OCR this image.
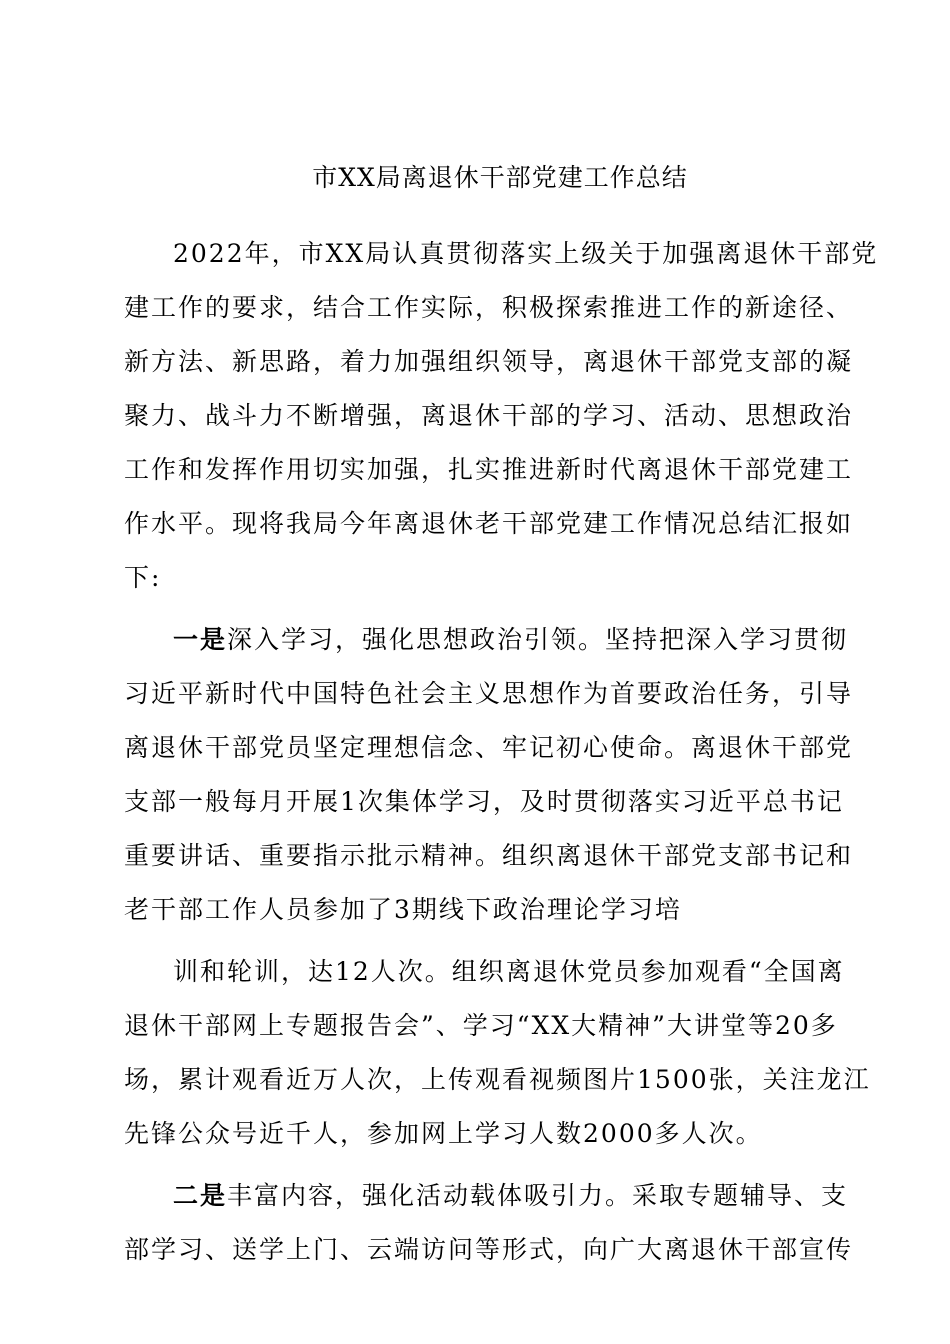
市XX局离退休干部党建工作总结
2022年，市XX局认真贯彻落实上级关于加强离退休干部党
建工作的要求，结合工作实际，积极探索推进工作的新途径、
新方法、新思路，着力加强组织领导，离退休干部党支部的凝
聚力、战斗力不断增强，离退休干部的学习、活动、思想政治
工作和发挥作用切实加强，扎实推进新时代离退休干部党建工
作水平。现将我局今年离退休老干部党建工作情况总结汇报如
下:
一是深入学习，强化思想政治引领。坚持把深入学习贯彻
习近平新时代中国特色社会主义思想作为首要政治任务，引导
离退休干部党员坚定理想信念、牢记初心使命。离退休干部党
支部一般每月开展1次集体学习，及时贯彻落实习近平总书记
重要讲话、重要指示批示精神。组织离退休干部党支部书记和
老干部工作人员参加了3期线下政治理论学习培
训和轮训，达12人次。组织离退休党员参加观看“全国离
退休干部网上专题报告会”、学习“XX大精神”大讲堂等20多
场，累计观看近万人次，上传观看视频图片1500张，关注龙江
先锋公众号近千人，参加网上学习人数2000多人次。
二是丰富内容，强化活动载体吸引力。采取专题辅导、支
部学习、送学上门、云端访问等形式，向广大离退休干部宣传
